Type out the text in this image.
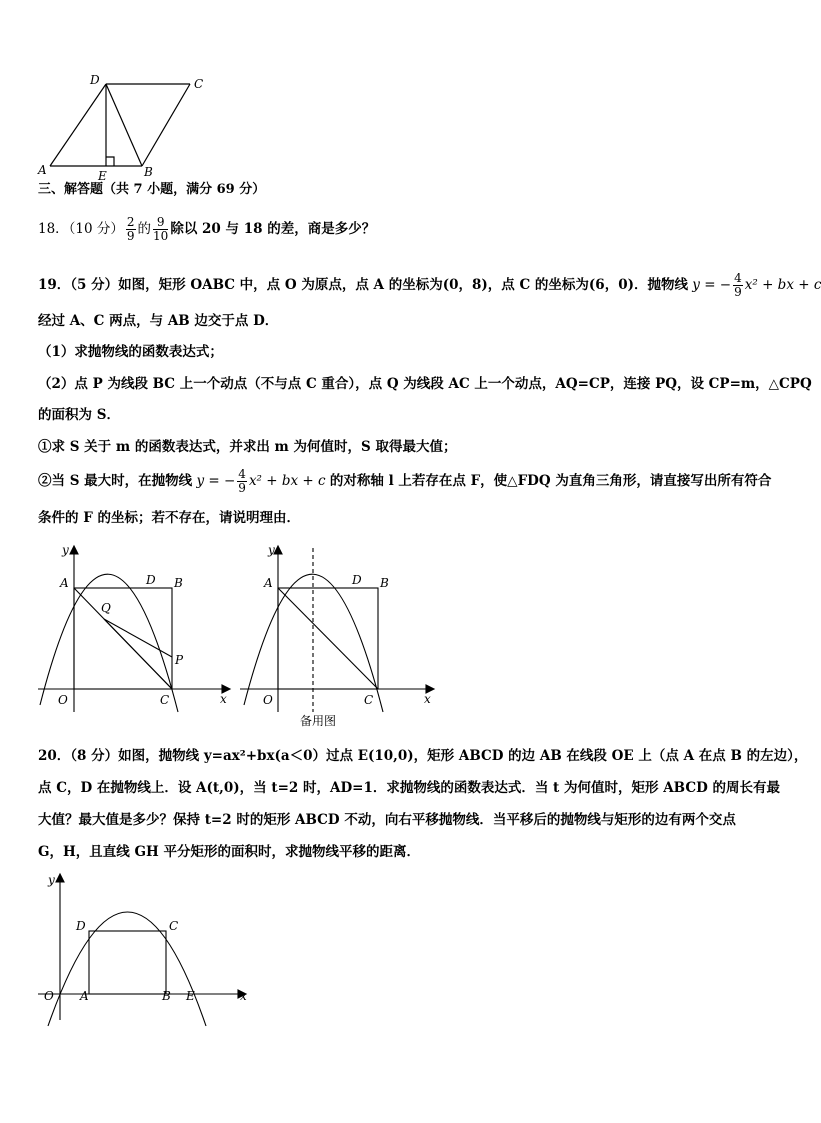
D	C
A	E	B
三、解答题（共 7 小题，满分 69 分）
18．（10 分） $\frac{2}{9}$ 的 $\frac{9}{10}$ 除以 20 与 18 的差，商是多少？
19．（5 分）如图，矩形 OABC 中，点 O 为原点，点 A 的坐标为(0，8)，点 C 的坐标为(6，0)．抛物线 y = − $\frac{4}{9} x^2$ + bx + c
经过 A、C 两点，与 AB 边交于点 D．
（1）求抛物线的函数表达式；
（2）点 P 为线段 BC 上一个动点（不与点 C 重合），点 Q 为线段 AC 上一个动点，AQ=CP，连接 PQ，设 CP=m，△CPQ
的面积为 S．
①求 S 关于 m 的函数表达式，并求出 m 为何值时，S 取得最大值；
②当 S 最大时，在抛物线 y = − $\frac{4}{9} x^2$ + bx + c 的对称轴 l 上若存在点 F，使△FDQ 为直角三角形，请直接写出所有符合
条件的 F 的坐标；若不存在，请说明理由．
y
A	D B
Q
P
O	C	x
y
A	D B
O	C	x
备用图
20．（8 分）如图，抛物线 y=ax²+bx(a＜0）过点 E(10,0)，矩形 ABCD 的边 AB 在线段 OE 上（点 A 在点 B 的左边），
点 C，D 在抛物线上．设 A(t,0)，当 t=2 时，AD=1．求抛物线的函数表达式．当 t 为何值时，矩形 ABCD 的周长有最
大值？最大值是多少？保持 t=2 时的矩形 ABCD 不动，向右平移抛物线．当平移后的抛物线与矩形的边有两个交点
G，H，且直线 GH 平分矩形的面积时，求抛物线平移的距离．
y
D	C
O A	B E	x
